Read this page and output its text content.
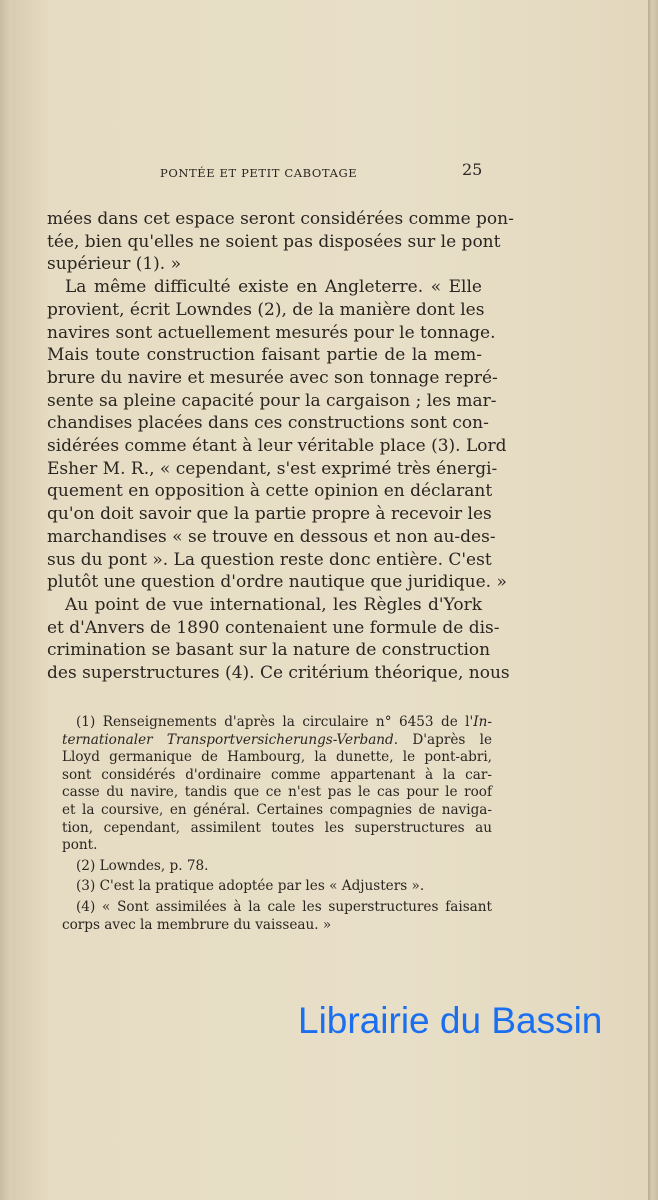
PONTÉE ET PETIT CABOTAGE	25
mées dans cet espace seront considérées comme pon-
tée, bien qu'elles ne soient pas disposées sur le pont
supérieur (1). »
La même difficulté existe en Angleterre. « Elle
provient, écrit Lowndes (2), de la manière dont les
navires sont actuellement mesurés pour le tonnage.
Mais toute construction faisant partie de la mem-
brure du navire et mesurée avec son tonnage repré-
sente sa pleine capacité pour la cargaison ; les mar-
chandises placées dans ces constructions sont con-
sidérées comme étant à leur véritable place (3). Lord
Esher M. R., « cependant, s'est exprimé très énergi-
quement en opposition à cette opinion en déclarant
qu'on doit savoir que la partie propre à recevoir les
marchandises « se trouve en dessous et non au-des-
sus du pont ». La question reste donc entière. C'est
plutôt une question d'ordre nautique que juridique. »
Au point de vue international, les Règles d'York
et d'Anvers de 1890 contenaient une formule de dis-
crimination se basant sur la nature de construction
des superstructures (4). Ce critérium théorique, nous
(1) Renseignements d'après la circulaire n° 6453 de l'In-
ternationaler Transportversicherungs-Verband. D'après le
Lloyd germanique de Hambourg, la dunette, le pont-abri,
sont considérés d'ordinaire comme appartenant à la car-
casse du navire, tandis que ce n'est pas le cas pour le roof
et la coursive, en général. Certaines compagnies de naviga-
tion, cependant, assimilent toutes les superstructures au
pont.
(2) Lowndes, p. 78.
(3) C'est la pratique adoptée par les « Adjusters ».
(4) « Sont assimilées à la cale les superstructures faisant
corps avec la membrure du vaisseau. »
Librairie du Bassin
